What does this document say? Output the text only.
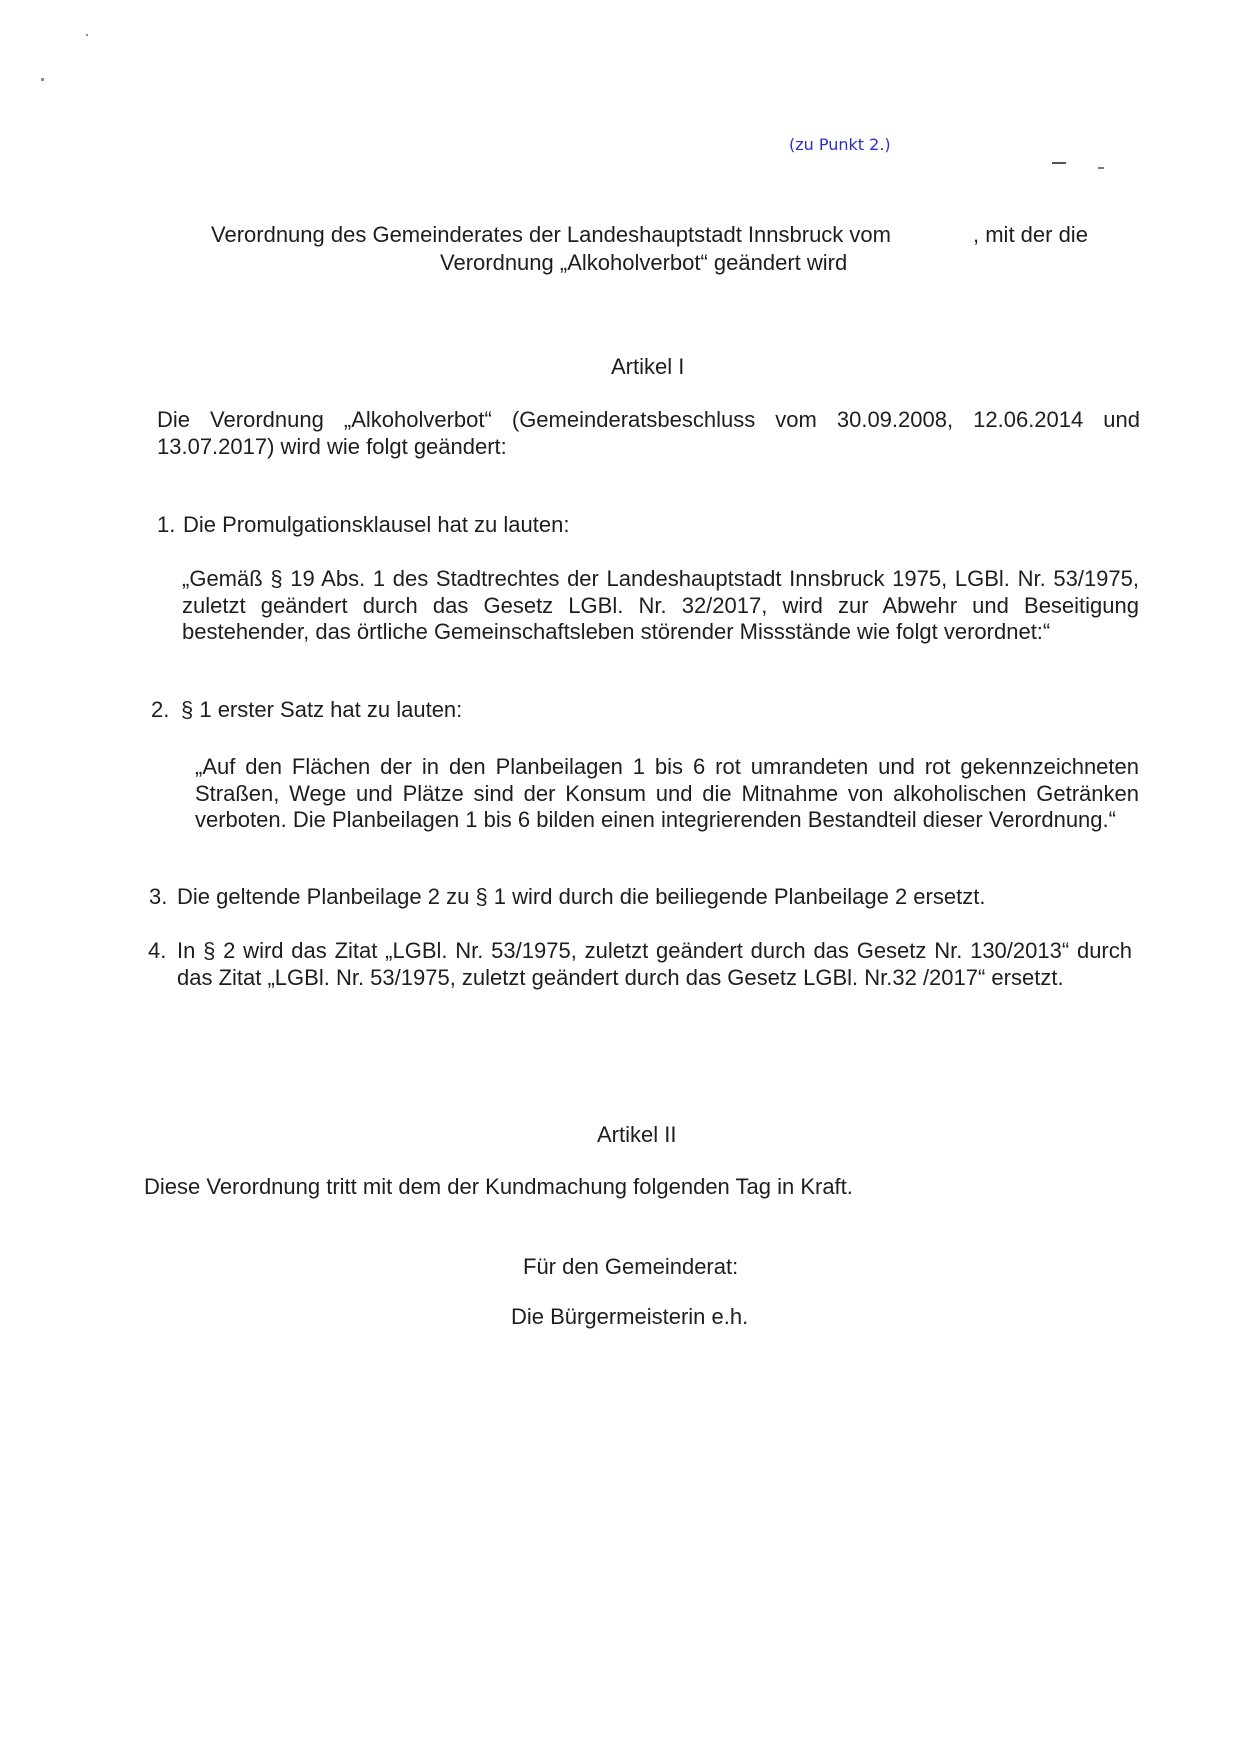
(zu Punkt 2.)
Verordnung des Gemeinderates der Landeshauptstadt Innsbruck vom	, mit der die
Verordnung „Alkoholverbot“ geändert wird
Artikel I
Die Verordnung „Alkoholverbot“ (Gemeinderatsbeschluss vom 30.09.2008, 12.06.2014 und 13.07.2017) wird wie folgt geändert:
1. Die Promulgationsklausel hat zu lauten:
„Gemäß § 19 Abs. 1 des Stadtrechtes der Landeshauptstadt Innsbruck 1975, LGBl. Nr. 53/1975, zuletzt geändert durch das Gesetz LGBl. Nr. 32/2017, wird zur Abwehr und Beseitigung bestehender, das örtliche Gemeinschaftsleben störender Missstände wie folgt verordnet:“
2. § 1 erster Satz hat zu lauten:
„Auf den Flächen der in den Planbeilagen 1 bis 6 rot umrandeten und rot gekennzeichneten Straßen, Wege und Plätze sind der Konsum und die Mitnahme von alkoholischen Getränken verboten. Die Planbeilagen 1 bis 6 bilden einen integrierenden Bestandteil dieser Verordnung.“
3. Die geltende Planbeilage 2 zu § 1 wird durch die beiliegende Planbeilage 2 ersetzt.
4. In § 2 wird das Zitat „LGBl. Nr. 53/1975, zuletzt geändert durch das Gesetz Nr. 130/2013“ durch das Zitat „LGBl. Nr. 53/1975, zuletzt geändert durch das Gesetz LGBl. Nr.32 /2017“ ersetzt.
Artikel II
Diese Verordnung tritt mit dem der Kundmachung folgenden Tag in Kraft.
Für den Gemeinderat:
Die Bürgermeisterin e.h.
